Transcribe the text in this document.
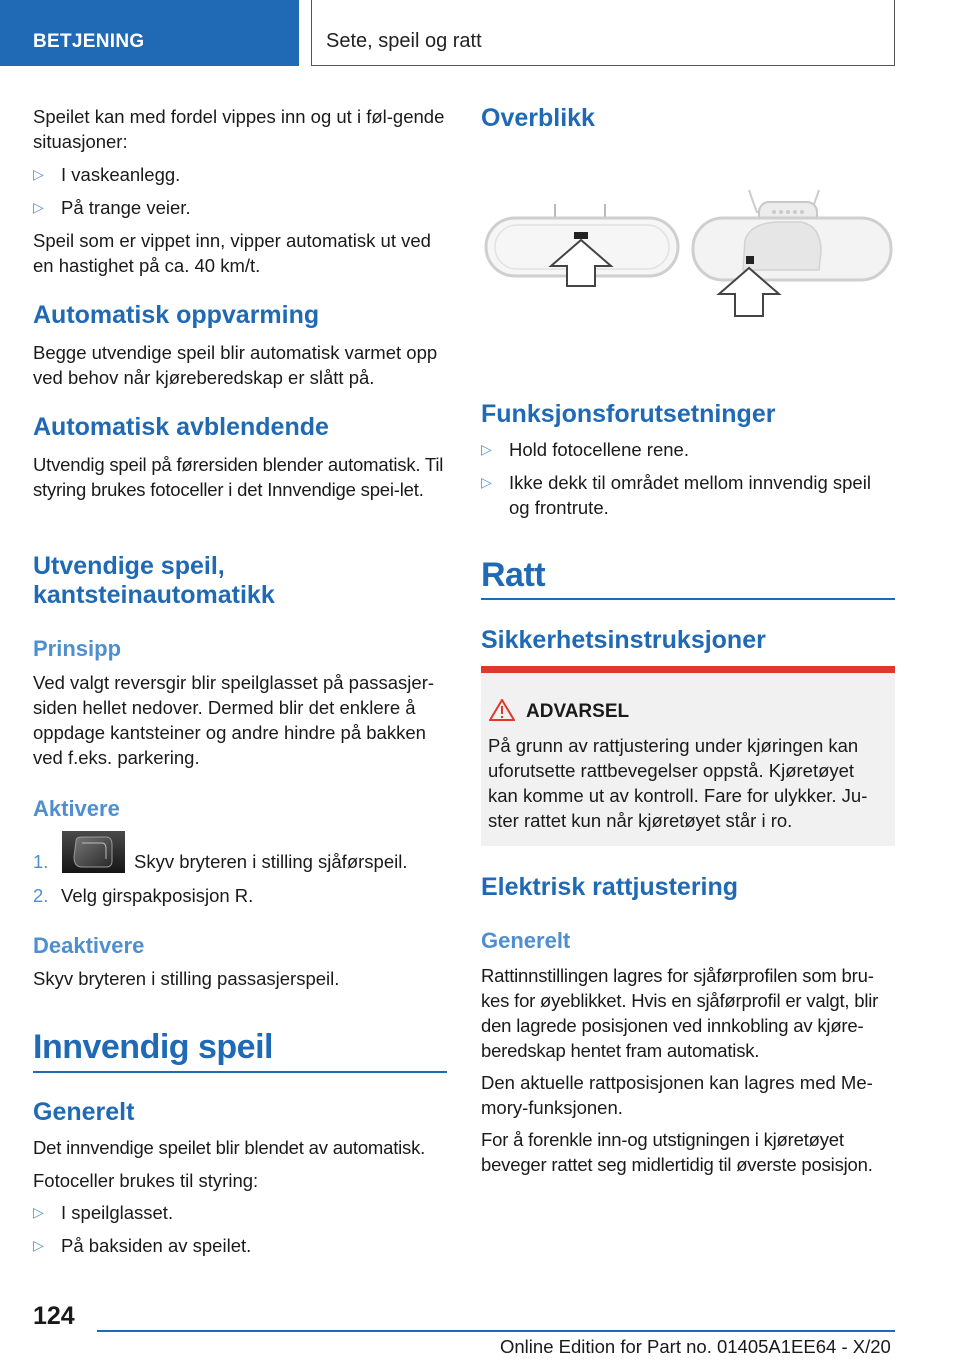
BETJENING	Sete, speil og ratt

Speilet kan med fordel vippes inn og ut i føl-gende situasjoner:

▷ I vaskeanlegg.
▷ På trange veier.

Speil som er vippet inn, vipper automatisk ut ved en hastighet på ca. 40 km/t.

Automatisk oppvarming

Begge utvendige speil blir automatisk varmet opp ved behov når kjøreberedskap er slått på.

Automatisk avblendende

Utvendig speil på førersiden blender automatisk. Til styring brukes fotoceller i det Innvendige spei-let.

Utvendige speil,
kantsteinautomatikk
Prinsipp

Ved valgt reversgir blir speilglasset på passasjer-siden hellet nedover. Dermed blir det enklere å oppdage kantsteiner og andre hindre på bakken ved f.eks. parkering.

Aktivere
1.	Skyv bryteren i stilling sjåførspeil.
2. Velg girspakposisjon R.
Deaktivere

Skyv bryteren i stilling passasjerspeil.

Innvendig speil
Generelt

Det innvendige speilet blir blendet av automatisk.

Fotoceller brukes til styring:

▷ I speilglasset.
▷ På baksiden av speilet.
Overblikk
Funksjonsforutsetninger
▷ Hold fotocellene rene.
▷ Ikke dekk til området mellom innvendig speil og frontrute.
Ratt
Sikkerhetsinstruksjoner
ADVARSEL
På grunn av rattjustering under kjøringen kan uforutsette rattbevegelser oppstå. Kjøretøyet kan komme ut av kontroll. Fare for ulykker. Ju-ster rattet kun når kjøretøyet står i ro.
Elektrisk rattjustering
Generelt

Rattinnstillingen lagres for sjåførprofilen som bru-kes for øyeblikket. Hvis en sjåførprofil er valgt, blir den lagrede posisjonen ved innkobling av kjøre-beredskap hentet fram automatisk.

Den aktuelle rattposisjonen kan lagres med Me-mory-funksjonen.

For å forenkle inn-og utstigningen i kjøretøyet beveger rattet seg midlertidig til øverste posisjon.

124
Online Edition for Part no. 01405A1EE64 - X/20
